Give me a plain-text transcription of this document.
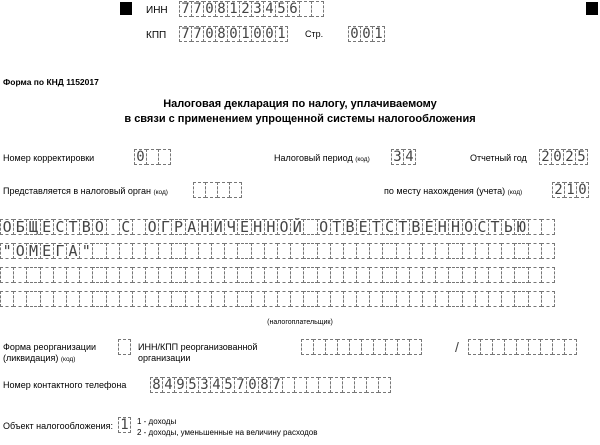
ИНН 7 7 0 8 1 2 3 4 5 6
КПП 7 7 0 8 0 1 0 0 1 Стр. 0 0 1
Форма по КНД 1152017
Налоговая декларация по налогу, уплачиваемому
в связи с применением упрощенной системы налогообложения
Номер корректировки	0	Налоговый период (код) 3 4	Отчетный год 2 0 2 5
Представляется в налоговый орган (код)	по месту нахождения (учета) (код) 2 1 0
О Б Щ Е С Т В О С О Г Р А Н И Ч Е Н Н О Й О Т В Е Т С Т В Е Н Н О С Т Ь Ю
" О М Е Г А "
(налогоплательщик)
Форма реорганизации
(ликвидация) (код)
ИНН/КПП реорганизованной
организации
/
Номер контактного телефона 8 4 9 5 3 4 5 7 0 8 7
Объект налогообложения: 1 1 - доходы
2 - доходы, уменьшенные на величину расходов
